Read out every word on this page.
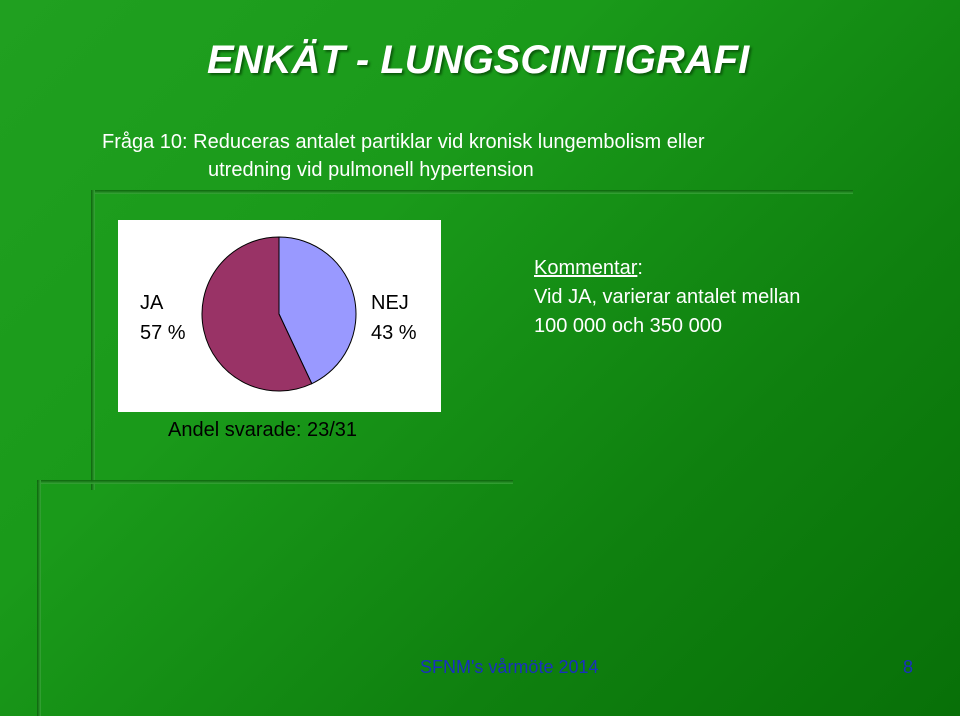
ENKÄT - LUNGSCINTIGRAFI
Fråga 10: Reduceras antalet partiklar vid kronisk lungembolism eller
utredning vid pulmonell hypertension
NEJ
43 %
JA
57 %
Andel svarade: 23/31
Kommentar:
Vid JA, varierar antalet mellan
100 000 och 350 000
SFNM's vårmöte 2014	8
